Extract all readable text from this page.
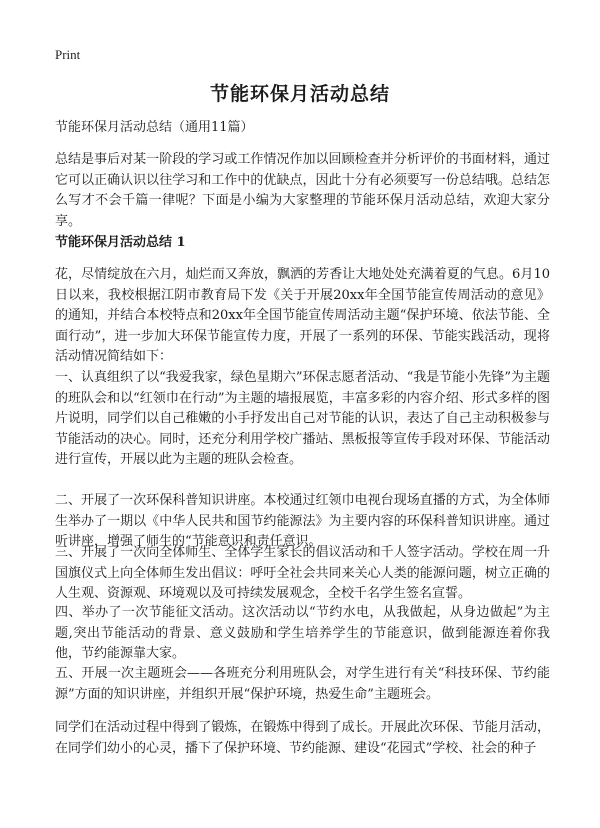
Print
节能环保月活动总结

节能环保月活动总结（通用11篇）

总结是事后对某一阶段的学习或工作情况作加以回顾检查并分析评价的书面材料，通过它可以正确认识以往学习和工作中的优缺点，因此十分有必须要写一份总结哦。总结怎么写才不会千篇一律呢？下面是小编为大家整理的节能环保月活动总结，欢迎大家分享。

节能环保月活动总结 1

花，尽情绽放在六月，灿烂而又奔放，飘洒的芳香让大地处处充满着夏的气息。6月10日以来，我校根据江阴市教育局下发《关于开展20xx年全国节能宣传周活动的意见》的通知，并结合本校特点和20xx年全国节能宣传周活动主题“保护环境、依法节能、全面行动”，进一步加大环保节能宣传力度，开展了一系列的环保、节能实践活动，现将活动情况简结如下：

一、认真组织了以“我爱我家，绿色星期六”环保志愿者活动、“我是节能小先锋”为主题的班队会和以“红领巾在行动”为主题的墙报展览，丰富多彩的内容介绍、形式多样的图片说明，同学们以自己稚嫩的小手抒发出自己对节能的认识，表达了自己主动积极参与节能活动的决心。同时，还充分利用学校广播站、黑板报等宣传手段对环保、节能活动进行宣传，开展以此为主题的班队会检查。

二、开展了一次环保科普知识讲座。本校通过红领巾电视台现场直播的方式，为全体师生举办了一期以《中华人民共和国节约能源法》为主要内容的环保科普知识讲座。通过听讲座，增强了师生的“节能意识和责任意识。

三、开展了一次向全体师生、全体学生家长的倡议活动和千人签字活动。学校在周一升国旗仪式上向全体师生发出倡议：呼吁全社会共同来关心人类的能源问题，树立正确的人生观、资源观、环境观以及可持续发展观念，全校千名学生签名宣誓。

四、举办了一次节能征文活动。这次活动以“节约水电，从我做起，从身边做起”为主题,突出节能活动的背景、意义鼓励和学生培养学生的节能意识，做到能源连着你我他，节约能源靠大家。

五、开展一次主题班会——各班充分利用班队会，对学生进行有关“科技环保、节约能源”方面的知识讲座，并组织开展“保护环境，热爱生命”主题班会。

同学们在活动过程中得到了锻炼，在锻炼中得到了成长。开展此次环保、节能月活动，在同学们幼小的心灵，播下了保护环境、节约能源、建设“花园式”学校、社会的种子
